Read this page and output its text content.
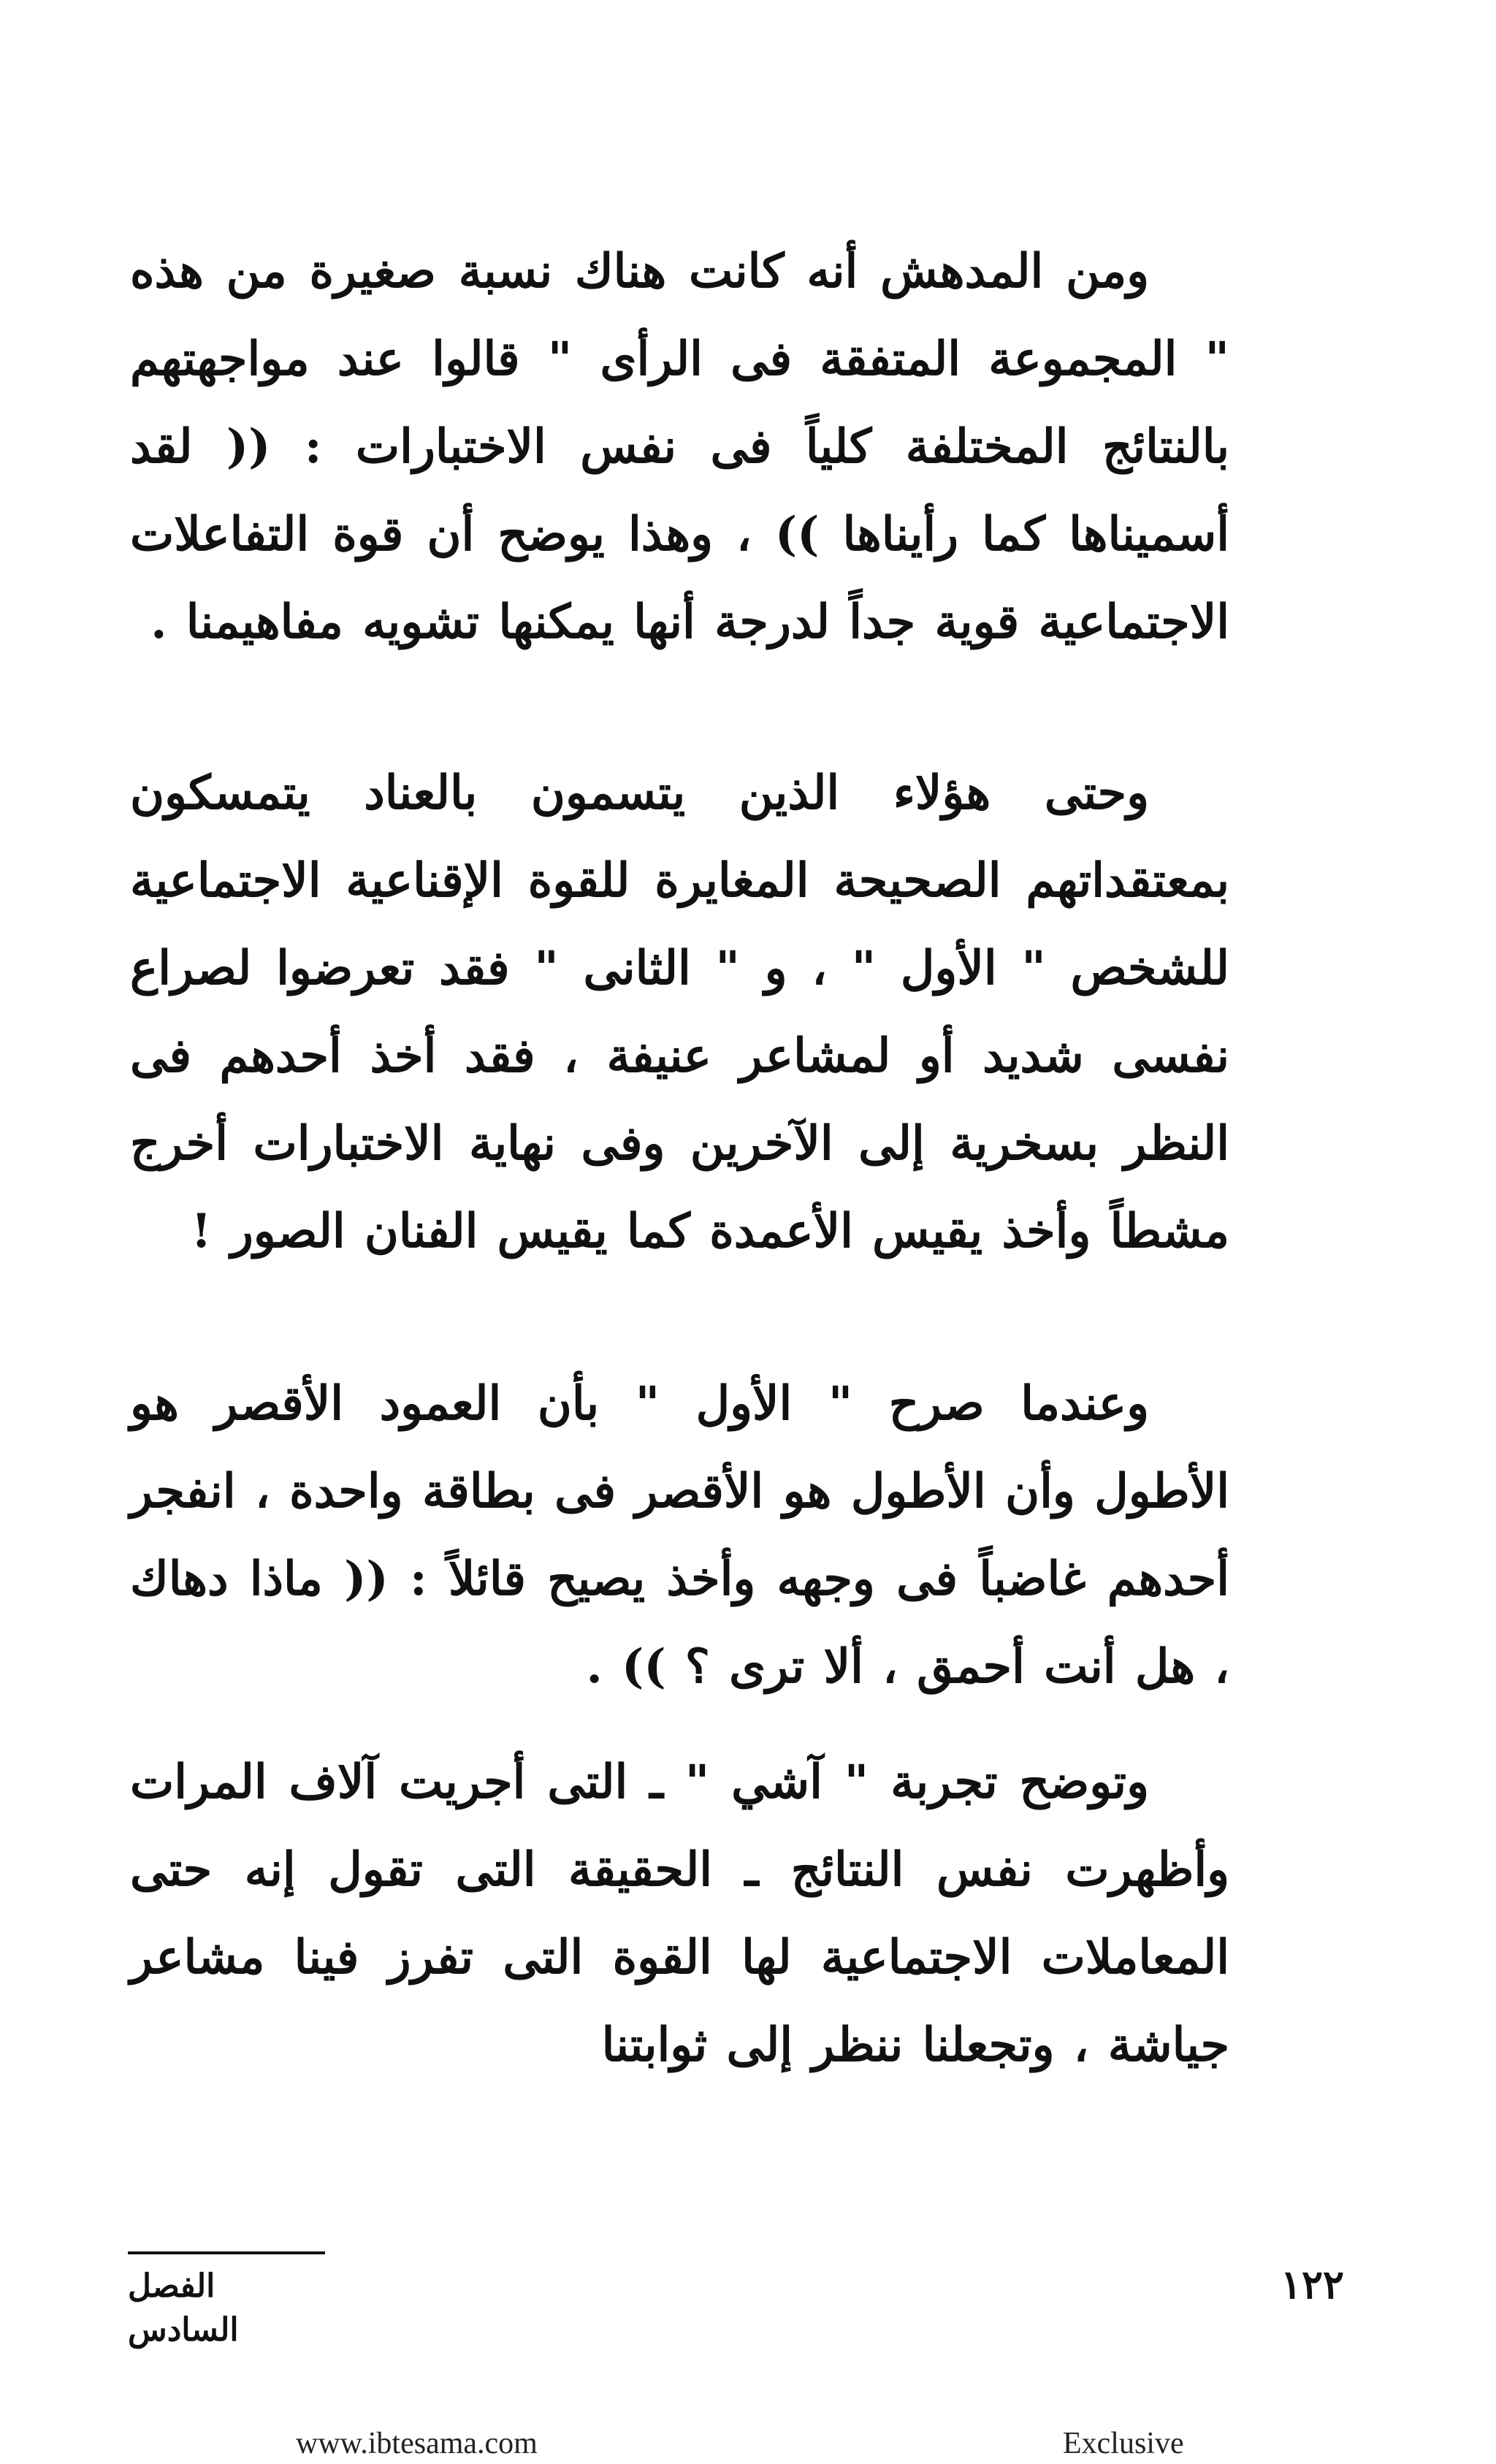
ومن المدهش أنه كانت هناك نسبة صغيرة من هذه " المجموعة المتفقة فى الرأى " قالوا عند مواجهتهم بالنتائج المختلفة كلياً فى نفس الاختبارات : (( لقد أسميناها كما رأيناها )) ، وهذا يوضح أن قوة التفاعلات الاجتماعية قوية جداً لدرجة أنها يمكنها تشويه مفاهيمنا .

وحتى هؤلاء الذين يتسمون بالعناد يتمسكون بمعتقداتهم الصحيحة المغايرة للقوة الإقناعية الاجتماعية للشخص " الأول " ، و " الثانى " فقد تعرضوا لصراع نفسى شديد أو لمشاعر عنيفة ، فقد أخذ أحدهم فى النظر بسخرية إلى الآخرين وفى نهاية الاختبارات أخرج مشطاً وأخذ يقيس الأعمدة كما يقيس الفنان الصور !

وعندما صرح " الأول " بأن العمود الأقصر هو الأطول وأن الأطول هو الأقصر فى بطاقة واحدة ، انفجر أحدهم غاضباً فى وجهه وأخذ يصيح قائلاً : (( ماذا دهاك ، هل أنت أحمق ، ألا ترى ؟ )) .

وتوضح تجربة " آشي " ـ التى أجريت آلاف المرات وأظهرت نفس النتائج ـ الحقيقة التى تقول إنه حتى المعاملات الاجتماعية لها القوة التى تفرز فينا مشاعر جياشة ، وتجعلنا ننظر إلى ثوابتنا

الفصل السادس
١٢٢
www.ibtesama.com	Exclusive
